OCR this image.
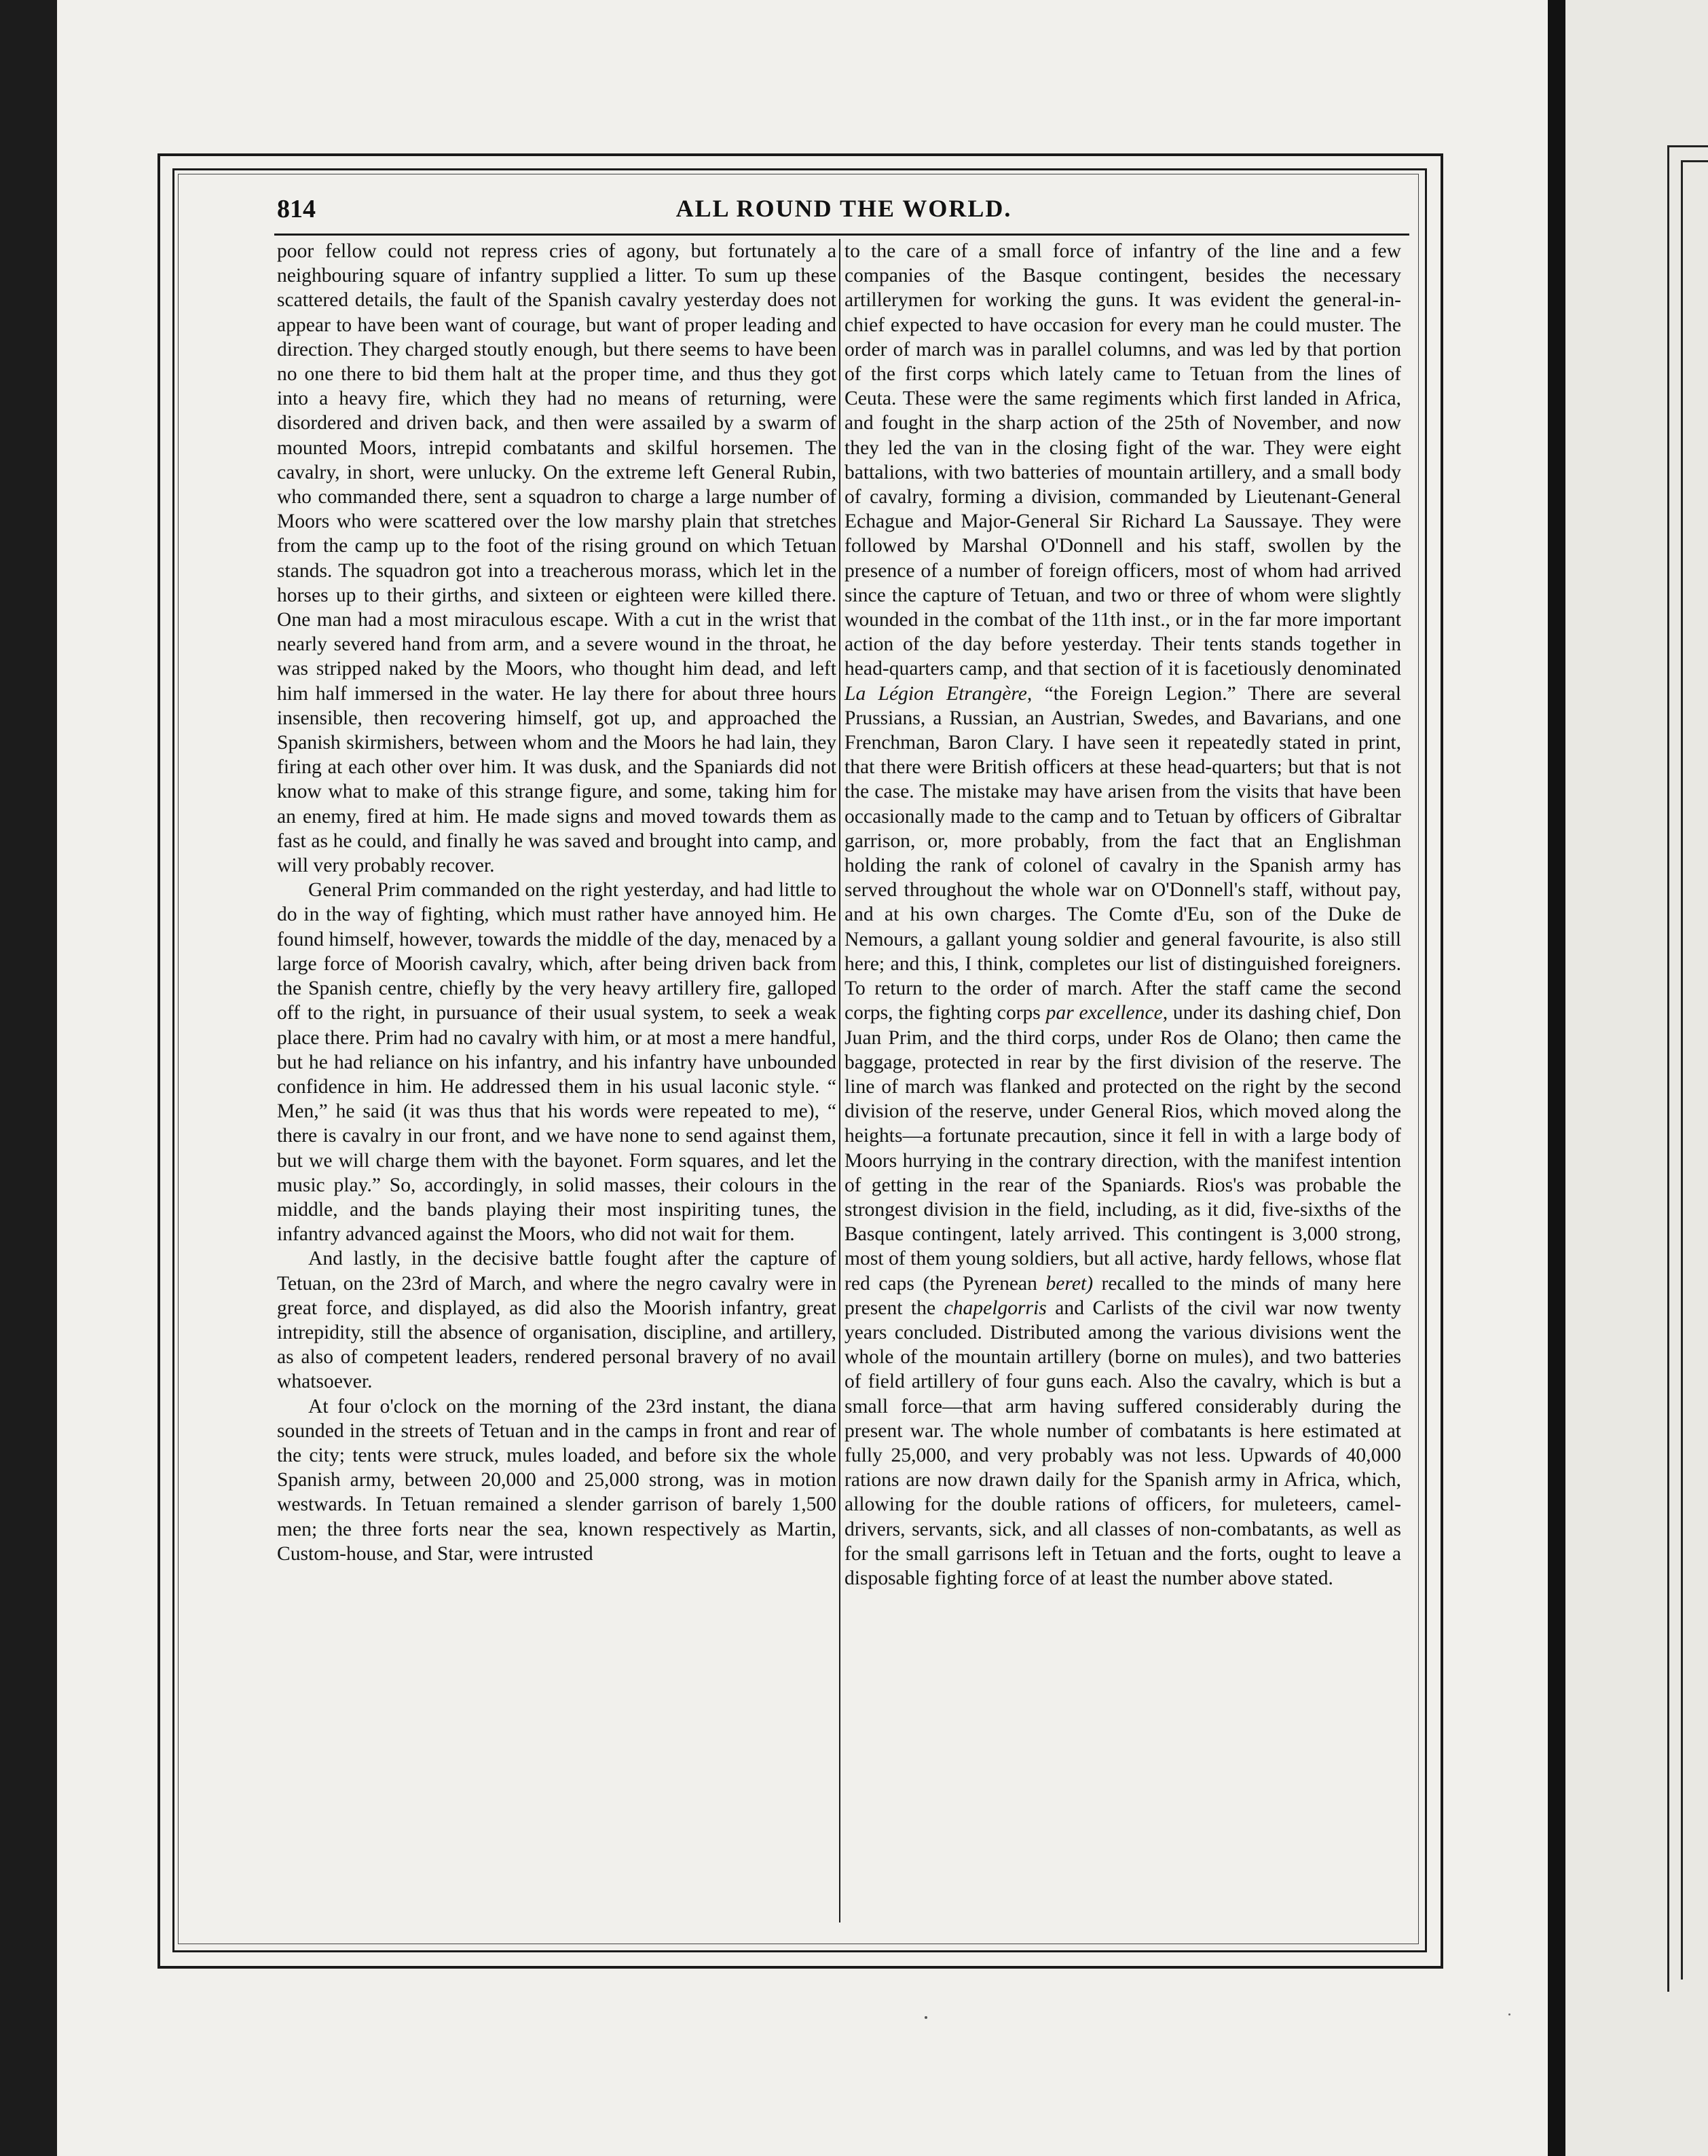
814	ALL ROUND THE WORLD.

poor fellow could not repress cries of agony, but fortunately a neighbouring square of infantry supplied a litter. To sum up these scattered details, the fault of the Spanish cavalry yesterday does not appear to have been want of courage, but want of proper leading and direction. They charged stoutly enough, but there seems to have been no one there to bid them halt at the proper time, and thus they got into a heavy fire, which they had no means of returning, were disordered and driven back, and then were assailed by a swarm of mounted Moors, intrepid combatants and skilful horsemen. The cavalry, in short, were unlucky. On the extreme left General Rubin, who commanded there, sent a squadron to charge a large number of Moors who were scattered over the low marshy plain that stretches from the camp up to the foot of the rising ground on which Tetuan stands. The squadron got into a treacherous morass, which let in the horses up to their girths, and sixteen or eighteen were killed there. One man had a most miraculous escape. With a cut in the wrist that nearly severed hand from arm, and a severe wound in the throat, he was stripped naked by the Moors, who thought him dead, and left him half immersed in the water. He lay there for about three hours insensible, then recovering himself, got up, and approached the Spanish skirmishers, between whom and the Moors he had lain, they firing at each other over him. It was dusk, and the Spaniards did not know what to make of this strange figure, and some, taking him for an enemy, fired at him. He made signs and moved towards them as fast as he could, and finally he was saved and brought into camp, and will very probably recover.

General Prim commanded on the right yesterday, and had little to do in the way of fighting, which must rather have annoyed him. He found himself, however, towards the middle of the day, menaced by a large force of Moorish cavalry, which, after being driven back from the Spanish centre, chiefly by the very heavy artillery fire, galloped off to the right, in pursuance of their usual system, to seek a weak place there. Prim had no cavalry with him, or at most a mere handful, but he had reliance on his infantry, and his infantry have unbounded confidence in him. He addressed them in his usual laconic style. “ Men,” he said (it was thus that his words were repeated to me), “ there is cavalry in our front, and we have none to send against them, but we will charge them with the bayonet. Form squares, and let the music play.” So, accordingly, in solid masses, their colours in the middle, and the bands playing their most inspiriting tunes, the infantry advanced against the Moors, who did not wait for them.

And lastly, in the decisive battle fought after the capture of Tetuan, on the 23rd of March, and where the negro cavalry were in great force, and displayed, as did also the Moorish infantry, great intrepidity, still the absence of organisation, discipline, and artillery, as also of competent leaders, rendered personal bravery of no avail whatsoever.

At four o'clock on the morning of the 23rd instant, the diana sounded in the streets of Tetuan and in the camps in front and rear of the city; tents were struck, mules loaded, and before six the whole Spanish army, between 20,000 and 25,000 strong, was in motion westwards. In Tetuan remained a slender garrison of barely 1,500 men; the three forts near the sea, known respectively as Martin, Custom-house, and Star, were intrusted

to the care of a small force of infantry of the line and a few companies of the Basque contingent, besides the necessary artillerymen for working the guns. It was evident the general-in-chief expected to have occasion for every man he could muster. The order of march was in parallel columns, and was led by that portion of the first corps which lately came to Tetuan from the lines of Ceuta. These were the same regiments which first landed in Africa, and fought in the sharp action of the 25th of November, and now they led the van in the closing fight of the war. They were eight battalions, with two batteries of mountain artillery, and a small body of cavalry, forming a division, commanded by Lieutenant-General Echague and Major-General Sir Richard La Saussaye. They were followed by Marshal O'Donnell and his staff, swollen by the presence of a number of foreign officers, most of whom had arrived since the capture of Tetuan, and two or three of whom were slightly wounded in the combat of the 11th inst., or in the far more important action of the day before yesterday. Their tents stands together in head-quarters camp, and that section of it is facetiously denominated La Légion Etrangère, “the Foreign Legion.” There are several Prussians, a Russian, an Austrian, Swedes, and Bavarians, and one Frenchman, Baron Clary. I have seen it repeatedly stated in print, that there were British officers at these head-quarters; but that is not the case. The mistake may have arisen from the visits that have been occasionally made to the camp and to Tetuan by officers of Gibraltar garrison, or, more probably, from the fact that an Englishman holding the rank of colonel of cavalry in the Spanish army has served throughout the whole war on O'Donnell's staff, without pay, and at his own charges. The Comte d'Eu, son of the Duke de Nemours, a gallant young soldier and general favourite, is also still here; and this, I think, completes our list of distinguished foreigners. To return to the order of march. After the staff came the second corps, the fighting corps par excellence, under its dashing chief, Don Juan Prim, and the third corps, under Ros de Olano; then came the baggage, protected in rear by the first division of the reserve. The line of march was flanked and protected on the right by the second division of the reserve, under General Rios, which moved along the heights—a fortunate precaution, since it fell in with a large body of Moors hurrying in the contrary direction, with the manifest intention of getting in the rear of the Spaniards. Rios's was probable the strongest division in the field, including, as it did, five-sixths of the Basque contingent, lately arrived. This contingent is 3,000 strong, most of them young soldiers, but all active, hardy fellows, whose flat red caps (the Pyrenean beret) recalled to the minds of many here present the chapelgorris and Carlists of the civil war now twenty years concluded. Distributed among the various divisions went the whole of the mountain artillery (borne on mules), and two batteries of field artillery of four guns each. Also the cavalry, which is but a small force—that arm having suffered considerably during the present war. The whole number of combatants is here estimated at fully 25,000, and very probably was not less. Upwards of 40,000 rations are now drawn daily for the Spanish army in Africa, which, allowing for the double rations of officers, for muleteers, camel-drivers, servants, sick, and all classes of non-combatants, as well as for the small garrisons left in Tetuan and the forts, ought to leave a disposable fighting force of at least the number above stated.
